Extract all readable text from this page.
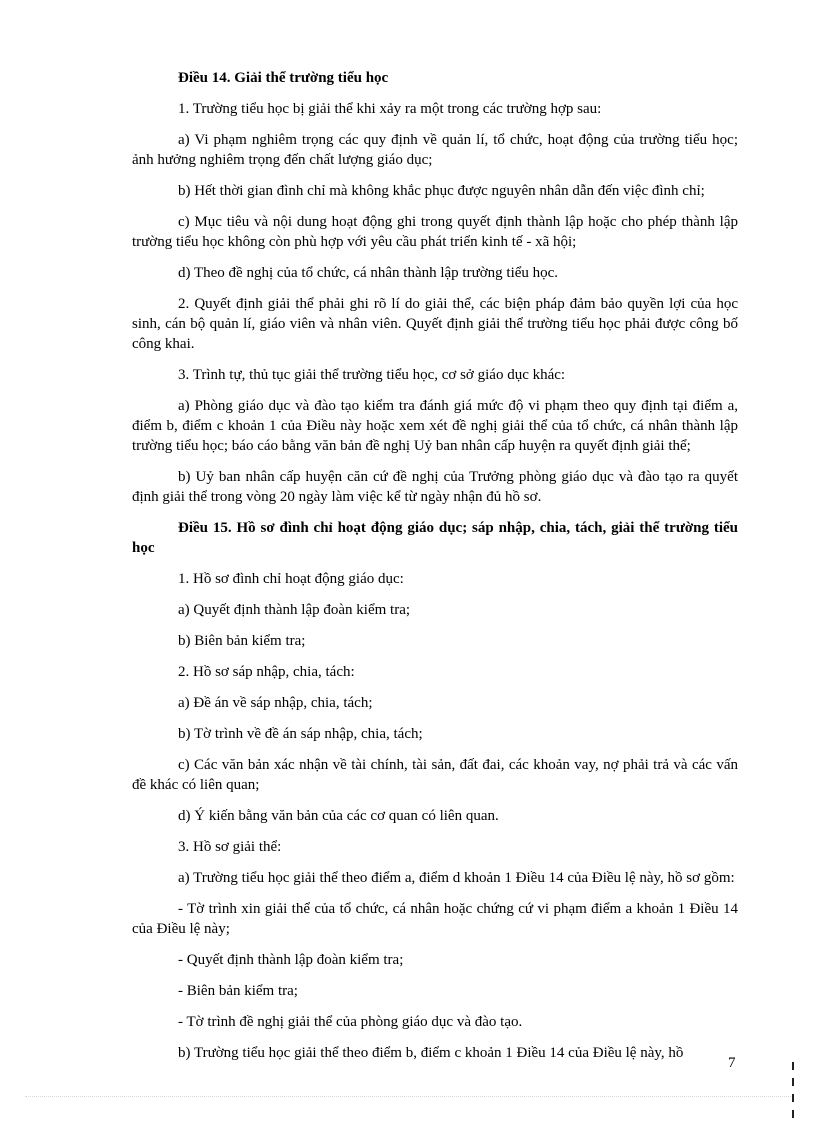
Điều 14. Giải thể trường tiểu học

1. Trường tiểu học bị giải thể khi xảy ra một trong các trường hợp sau:

a) Vi phạm nghiêm trọng các quy định về quản lí, tổ chức, hoạt động của trường tiểu học; ảnh hưởng nghiêm trọng đến chất lượng giáo dục;

b) Hết thời gian đình chỉ mà không khắc phục được nguyên nhân dẫn đến việc đình chỉ;

c) Mục tiêu và nội dung hoạt động ghi trong quyết định thành lập hoặc cho phép thành lập trường tiểu học không còn phù hợp với yêu cầu phát triển kinh tế - xã hội;

d) Theo đề nghị của tổ chức, cá nhân thành lập trường tiểu học.

2. Quyết định giải thể phải ghi rõ lí do giải thể, các biện pháp đảm bảo quyền lợi của học sinh, cán bộ quản lí, giáo viên và nhân viên. Quyết định giải thể trường tiểu học phải được công bố công khai.

3. Trình tự, thủ tục giải thể trường tiểu học, cơ sở giáo dục khác:

a) Phòng giáo dục và đào tạo kiểm tra đánh giá mức độ vi phạm theo quy định tại điểm a, điểm b, điểm c khoản 1 của Điều này hoặc xem xét đề nghị giải thể của tổ chức, cá nhân thành lập trường tiểu học; báo cáo bằng văn bản đề nghị Uỷ ban nhân cấp huyện ra quyết định giải thể;

b) Uỷ ban nhân cấp huyện căn cứ đề nghị của Trưởng phòng giáo dục và đào tạo ra quyết định giải thể trong vòng 20 ngày làm việc kể từ ngày nhận đủ hồ sơ.

Điều 15. Hồ sơ đình chỉ hoạt động giáo dục; sáp nhập, chia, tách, giải thể trường tiểu học

1. Hồ sơ đình chỉ hoạt động giáo dục:

a) Quyết định thành lập đoàn kiểm tra;

b) Biên bản kiểm tra;

2. Hồ sơ sáp nhập, chia, tách:

a) Đề án về sáp nhập, chia, tách;

b) Tờ trình về đề án sáp nhập, chia, tách;

c) Các văn bản xác nhận về tài chính, tài sản, đất đai, các khoản vay, nợ phải trả và các vấn đề khác có liên quan;

d) Ý kiến bằng văn bản của các cơ quan có liên quan.

3. Hồ sơ giải thể:

a) Trường tiểu học giải thể theo điểm a, điểm d khoản 1 Điều 14 của Điều lệ này, hồ sơ gồm:

- Tờ trình xin giải thể của tổ chức, cá nhân hoặc chứng cứ vi phạm điểm a khoản 1 Điều 14 của Điều lệ này;

- Quyết định thành lập đoàn kiểm tra;

- Biên bản kiểm tra;

- Tờ trình đề nghị giải thể của phòng giáo dục và đào tạo.

b) Trường tiểu học giải thể theo điểm b, điểm c khoản 1 Điều 14 của Điều lệ này, hồ

7
